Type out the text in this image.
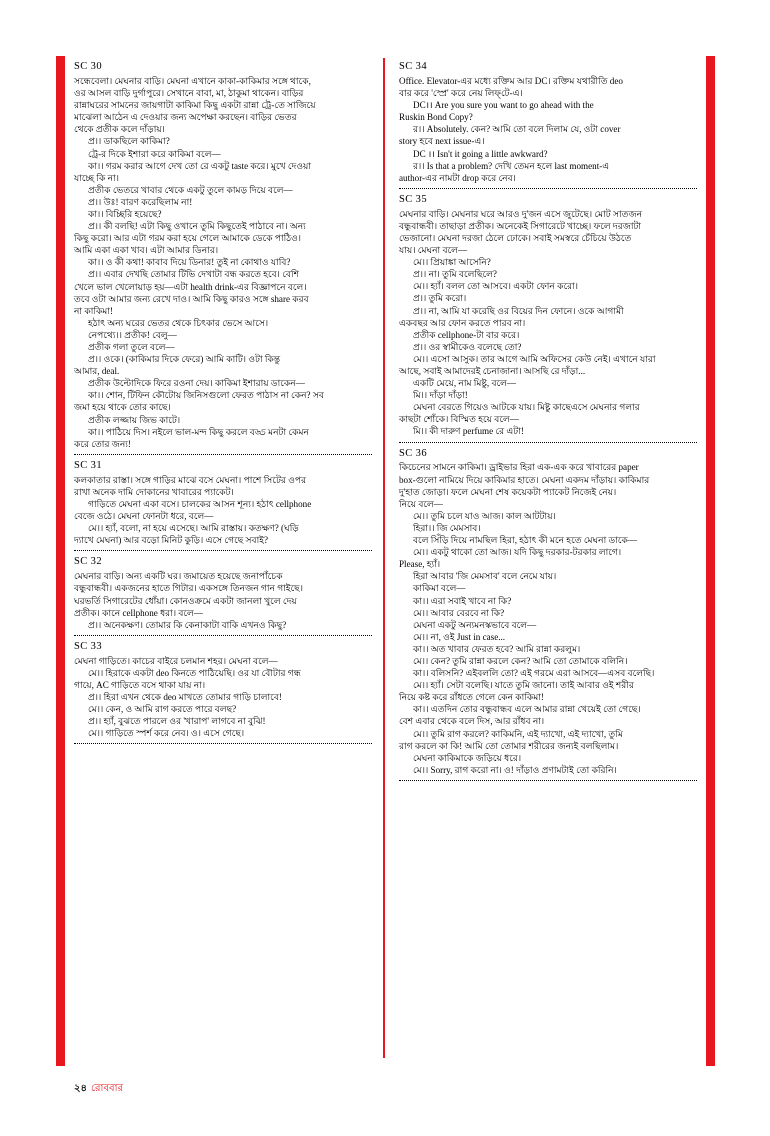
SC 30

সন্ধেবেলা। মেঘনার বাড়ি। মেঘনা এখানে কাকা-কাকিমার সঙ্গে থাকে,

ওর আসল বাড়ি দুর্গাপুরে। সেখানে বাবা, মা, ঠাকুমা থাকেন। বাড়ির

রান্নাঘরের সামনের জায়গাটা কাকিমা কিছু একটা রান্না ট্রে-তে সাজিয়ে

মাঝেলা আঠেন এ দেওয়ার জন্য অপেক্ষা করছেন। বাড়ির ভেতর

থেকে প্রতীক কলে দাঁড়ায়।

প্র।। ডাকছিলে কাকিমা?

ট্রে-র দিকে ইশারা করে কাকিমা বলে—

কা।। গরম করার আগে দেখ তো রে একটু taste করে। মুখে দেওয়া

যাচ্ছে কি না।

প্রতীক ভেতরে খাবার থেকে একটু তুলে কামড় দিয়ে বলে—

প্র।। উঃ! বারণ করেছিলাম না!

কা।। বিচ্ছিরি হয়েছে?

প্র।। কী বলছি! এটা কিছু ওখানে তুমি কিছুতেই পাঠাবে না। অন্য

কিছু করো। আর এটা গরম করা হয়ে গেলে আমাকে ডেকে পাঠিও।

আমি একা একা খাব। এটা আমার ডিনার।

কা।। ও কী কথা! কাবাব দিয়ে ডিনার! তুই না কোথাও যাবি?

প্র।। এবার দেখছি তোমার টিভি দেখাটা বন্ধ করতে হবে। বেশি

খেলে ভাল খেলোয়াড় হয়—এটা health drink-এর বিজ্ঞাপনে বলে।

তবে ওটা আমার জন্য রেখে দাও। আমি কিছু কারও সঙ্গে share করব

না কাকিমা!

হঠাৎ অন্য ঘরের ভেতর থেকে চিৎকার ভেসে আসে।

নেপথ্যে।। প্রতীক! বেলু—

প্রতীক গলা তুলে বলে—

প্র।। ওকে। (কাকিমার দিকে ফেরে) আমি কাটি। ওটা কিন্তু

আমার, deal.

প্রতীক উল্টোদিকে ফিরে রওনা দেয়। কাকিমা ইশারায় ডাকেন—

কা।। শোন, টিফিন কৌটোয় জিনিসগুলো ফেরত পাঠাস না কেন? সব

জমা হয়ে থাকে তোর কাছে।

প্রতীক লজ্জায় জিভ কাটে।

কা।। পাঠিয়ে দিস। নইলে ভাল-মন্দ কিছু করলে বড্ড মনটা কেমন

করে তোর জন্য!

SC 31

কলকাতার রাস্তা। সঙ্গে গাড়ির মাঝে বসে মেঘনা। পাশে সিটের ওপর

রাখা অনেক দামি দোকানের খাবারের প্যাকেট।

গাড়িতে মেঘনা একা বসে। চালকের আসন শূন্য। হঠাৎ cellphone

বেজে ওঠে। মেঘনা ফোনটা ধরে, বলে—

মে।। হ্যাঁ, বলো, না হয়ে এসেছে। আমি রাস্তায়। কতক্ষণ? (ঘড়ি

দ্যাখে মেঘনা) আর বড়ো মিনিট কুড়ি। এসে গেছে সবাই?

SC 32

মেঘনার বাড়ি। অন্য একটি ঘর। জমায়েত হয়েছে জনাপাঁচেক

বন্ধুবান্ধবী। একজনের হাতে গিটার। একসঙ্গে তিনজন গান গাইছে।

ঘরভর্তি সিগারেটের ধোঁয়া। কোনওক্রমে একটা জানলা খুলে দেয়

প্রতীক। কানে cellphone ধরা। বলে—

প্র।। অনেকক্ষণ। তোমার কি কেনাকাটা বাকি এখনও কিছু?

SC 33

মেঘনা গাড়িতে। কাচের বাইরে চলমান শহর। মেঘনা বলে—

মে।। হিরাকে একটা deo কিনতে পাঠিয়েছি। ওর যা বৌটার গন্ধ

গায়ে, AC গাড়িতে বসে থাকা যায় না।

প্র।। হিরা এখন থেকে deo মাখতে তোমার গাড়ি চালাবে!

মে।। কেন, ও আমি রাগ করতে পারে বলছ?

প্র।। হ্যাঁ, বুঝতে পারলে ওর 'খারাপ' লাগবে না বুঝি!

মে।। গাড়িতে স্পর্শ করে নেব। ও। এসে গেছে।

SC 34

Office. Elevator-এর মধ্যে রক্তিম আর DC। রক্তিম যথারীতি deo

বার করে 'স্প্রে' করে নেয় লিফ্‌টে-এ।

DC।। Are you sure you want to go ahead with the

Ruskin Bond Copy?

র।। Absolutely. কেন? আমি তো বলে দিলাম যে, ওটা cover

story হবে next issue-এ।

DC ।। Isn't it going a little awkward?

র।। Is that a problem? দেখি তেমন হলে last moment-এ

author-এর নামটা drop করে নেব।

SC 35

মেঘনার বাড়ি। মেঘনার ঘরে আরও দু'জন এসে জুটেছে। মোট সাতজন

বন্ধুবান্ধবী। তাছাড়া প্রতীক। অনেকেই সিগারেটে খাচ্ছে। ফলে দরজাটা

ভেজানো। মেঘনা দরজা ঠেলে ঢোকে। সবাই সমস্বরে চেঁচিয়ে উঠতে

যায়। মেঘনা বলে—

মে।। প্রিয়াঙ্কা আসেনি?

প্র।। না। তুমি বলেছিলে?

মে।। হ্যাঁ। বলল তো আসবে। একটা ফোন করো।

প্র।। তুমি করো।

প্র।। না, আমি যা করেছি ওর বিয়ের দিন ফোনে। ওকে আগামী

একবছর আর ফোন করতে পারব না।

প্রতীক cellphone-টা বার করে।

প্র।। ওর স্বামীকেও বলেছে তো?

মে।। এসো আসুক। তার আগে আমি অফিসের কেউ নেই। এখানে যারা

আছে, সবাই আমাদেরই চেনাজানা। আসছি রে দাঁড়া...

একটি মেয়ে, নাম মিষ্টু, বলে—

মি।। দাঁড়া দাঁড়া!

মেঘনা বেরতে গিয়েও আটকে যায়। মিষ্টু কাছেএসে মেঘনার গলার

কাছটা শোঁকে। বিস্মিত হয়ে বলে—

মি।। কী দারুণ perfume রে এটা!

SC 36

কিচেনের সামনে কাকিমা। ড্রাইভার হিরা এক-এক করে খাবারের paper

box-গুলো নামিয়ে দিয়ে কাকিমার হাতে। মেঘনা একদম দাঁড়ায়। কাকিমার

দু'হাত জোড়া। ফলে মেঘনা শেষ কয়েকটা প্যাকেট নিজেই নেয়।

নিয়ে বলে—

মে।। তুমি চলে যাও আজ। কাল আটটায়।

হিরা।। জি মেমসাব।

বলে সিঁড়ি দিয়ে নামছিল হিরা, হঠাৎ কী মনে হতে মেঘনা ডাকে—

মে।। একটু থাকো তো আজ। যদি কিছু দরকার-টরকার লাগে।

Please, হ্যাঁ।

হিরা আবার 'জি মেমসাব' বলে নেমে যায়।

কাকিমা বলে—

কা।। এরা সবাই খাবে না কি?

মে।। আবার বেরবে না কি?

মেঘনা একটু অন্যমনস্কভাবে বলে—

মে।। না, ওই Just in case...

কা।। অত খাবার ফেরত হবে? আমি রান্না করলুম।

মে।। কেন? তুমি রান্না করলে কেন? আমি তো তোমাকে বলিনি।

কা।। বলিসনি? এইবললি তো? এই গরমে এরা আসবে—এসব বলেছি।

মে।। হ্যাঁ। সেটা বলেছি। যাতে তুমি জানো। তাই আবার ওই শরীর

নিয়ে কষ্ট করে রাঁধতে গেলে কেন কাকিমা!

কা।। এতদিন তোর বন্ধুবান্ধব এলে আমার রান্না খেয়েই তো গেছে।

বেশ এবার থেকে বলে দিস, আর রাঁধব না।

মে।। তুমি রাগ করলে? কাকিমনি, এই দ্যাখো, এই দ্যাখো, তুমি

রাগ করলে কা কি! আমি তো তোমার শরীরের জন্যই বলছিলাম।

মেঘনা কাকিমাকে জড়িয়ে ধরে।

মে।। Sorry, রাগ করো না। ও! দাঁড়াও প্রণামটাই তো করিনি।

২৪ রোববার
